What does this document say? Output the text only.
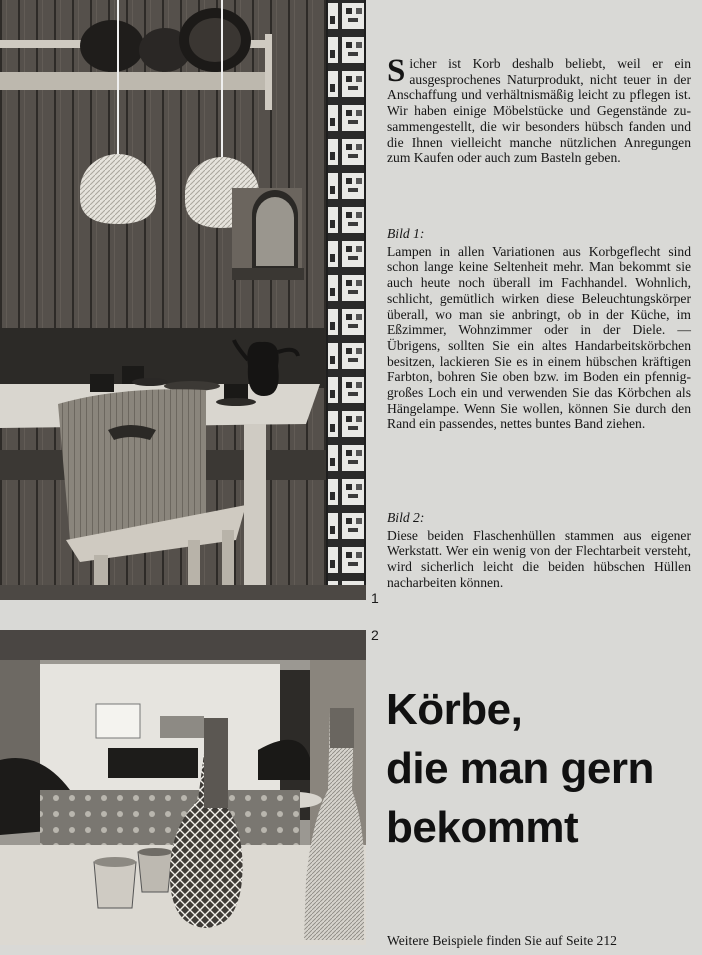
1
2
Sicher ist Korb deshalb beliebt, weil er ein ausgesprochenes Naturprodukt, nicht teuer in der Anschaffung und verhältnismäßig leicht zu pflegen ist. Wir haben einige Möbelstücke und Gegenstände zusammengestellt, die wir besonders hübsch fanden und die Ihnen vielleicht manche nützlichen Anregungen zum Kaufen oder auch zum Basteln geben.
Bild 1:

Lampen in allen Variationen aus Korbgeflecht sind schon lange keine Seltenheit mehr. Man bekommt sie auch heute noch überall im Fachhandel. Wohnlich, schlicht, gemütlich wirken diese Beleuchtungskörper überall, wo man sie anbringt, ob in der Küche, im Eßzimmer, Wohnzimmer oder in der Diele. — Übrigens, sollten Sie ein altes Handarbeitskörbchen besitzen, lackieren Sie es in einem hübschen kräftigen Farbton, bohren Sie oben bzw. im Boden ein pfenniggroßes Loch ein und verwenden Sie das Körbchen als Hängelampe. Wenn Sie wollen, können Sie durch den Rand ein passendes, nettes buntes Band ziehen.

Bild 2:

Diese beiden Flaschenhüllen stammen aus eigener Werkstatt. Wer ein wenig von der Flechtarbeit versteht, wird sicherlich leicht die beiden hübschen Hüllen nacharbeiten können.

Körbe,
die man gern
bekommt
Weitere Beispiele finden Sie auf Seite 212
